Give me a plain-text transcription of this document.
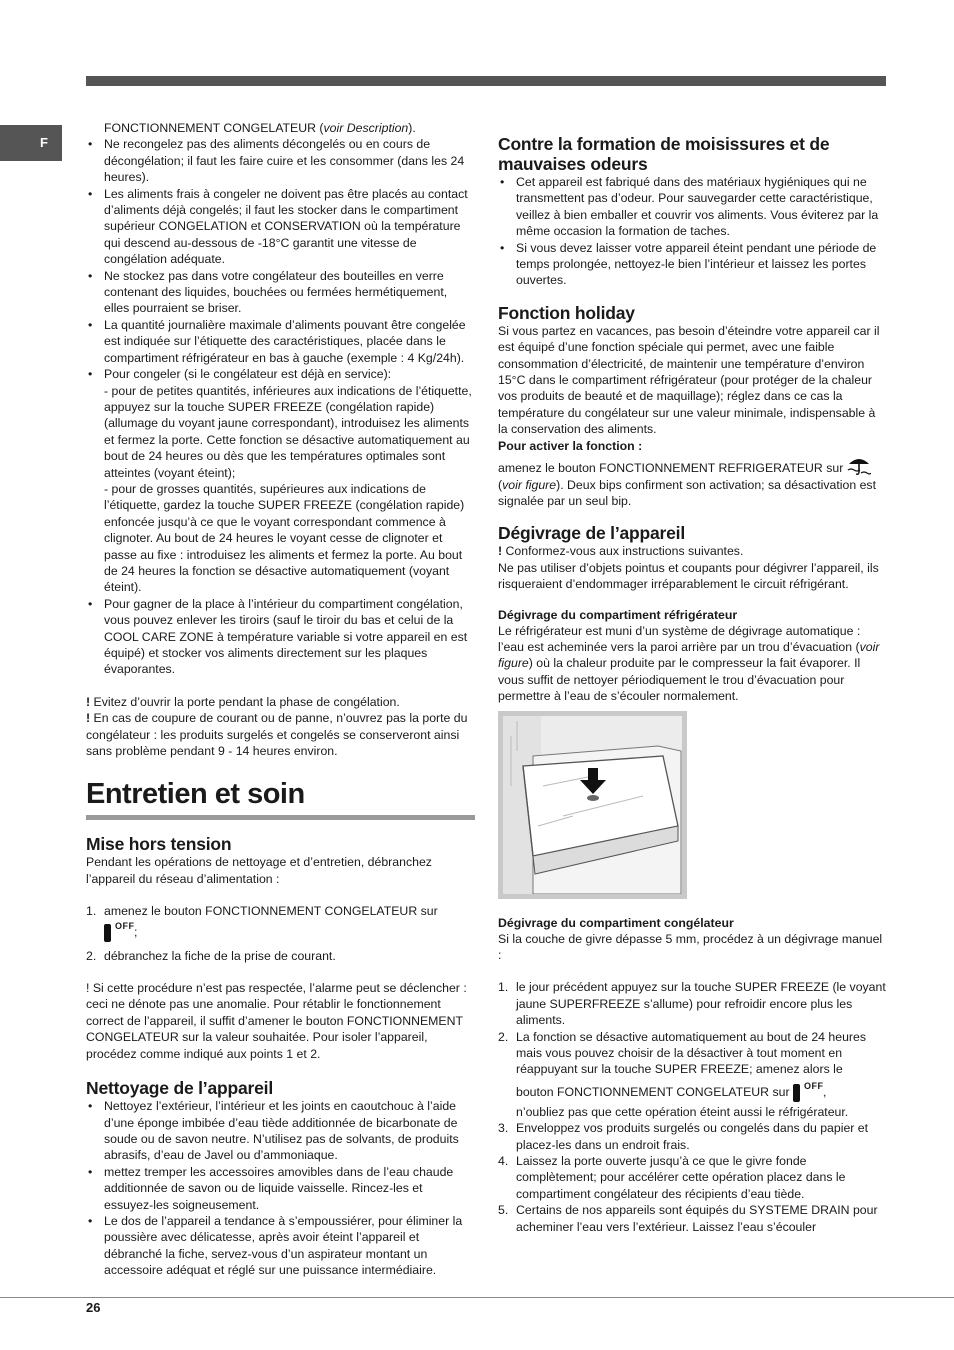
F

FONCTIONNEMENT CONGELATEUR (voir Description).

• Ne recongelez pas des aliments décongelés ou en cours de décongélation; il faut les faire cuire et les consommer (dans les 24 heures).
• Les aliments frais à congeler ne doivent pas être placés au contact d’aliments déjà congelés; il faut les stocker dans le compartiment supérieur CONGELATION et CONSERVATION où la température qui descend au-dessous de -18°C garantit une vitesse de congélation adéquate.
• Ne stockez pas dans votre congélateur des bouteilles en verre contenant des liquides, bouchées ou fermées hermétiquement, elles pourraient se briser.
• La quantité journalière maximale d’aliments pouvant être congelée est indiquée sur l’étiquette des caractéristiques, placée dans le compartiment réfrigérateur en bas à gauche (exemple : 4 Kg/24h).
• Pour congeler (si le congélateur est déjà en service):
- pour de petites quantités, inférieures aux indications de l’étiquette, appuyez sur la touche SUPER FREEZE (congélation rapide) (allumage du voyant jaune correspondant), introduisez les aliments et fermez la porte. Cette fonction se désactive automatiquement au bout de 24 heures ou dès que les températures optimales sont atteintes (voyant éteint);
- pour de grosses quantités, supérieures aux indications de l’étiquette, gardez la touche SUPER FREEZE (congélation rapide) enfoncée jusqu’à ce que le voyant correspondant commence à clignoter. Au bout de 24 heures le voyant cesse de clignoter et passe au fixe : introduisez les aliments et fermez la porte. Au bout de 24 heures la fonction se désactive automatiquement (voyant éteint).
• Pour gagner de la place à l’intérieur du compartiment congélation, vous pouvez enlever les tiroirs (sauf le tiroir du bas et celui de la COOL CARE ZONE à température variable si votre appareil en est équipé) et stocker vos aliments directement sur les plaques évaporantes.

! Evitez d’ouvrir la porte pendant la phase de congélation.

! En cas de coupure de courant ou de panne, n’ouvrez pas la porte du congélateur : les produits surgelés et congelés se conserveront ainsi sans problème pendant 9 - 14 heures environ.

Entretien et soin
Mise hors tension

Pendant les opérations de nettoyage et d’entretien, débranchez l’appareil du réseau d’alimentation :

1. amenez le bouton FONCTIONNEMENT CONGELATEUR sur

OFF ;
2. débranchez la fiche de la prise de courant.

! Si cette procédure n’est pas respectée, l’alarme peut se déclencher : ceci ne dénote pas une anomalie. Pour rétablir le fonctionnement correct de l’appareil, il suffit d’amener le bouton FONCTIONNEMENT CONGELATEUR sur la valeur souhaitée. Pour isoler l’appareil, procédez comme indiqué aux points 1 et 2.

Nettoyage de l’appareil
• Nettoyez l’extérieur, l’intérieur et les joints en caoutchouc à l’aide d’une éponge imbibée d’eau tiède additionnée de bicarbonate de soude ou de savon neutre. N’utilisez pas de solvants, de produits abrasifs, d’eau de Javel ou d’ammoniaque.
• mettez tremper les accessoires amovibles dans de l’eau chaude additionnée de savon ou de liquide vaisselle. Rincez-les et essuyez-les soigneusement.
• Le dos de l’appareil a tendance à s’empoussiérer, pour éliminer la poussière avec délicatesse, après avoir éteint l’appareil et débranché la fiche, servez-vous d’un aspirateur montant un accessoire adéquat et réglé sur une puissance intermédiaire.
Contre la formation de moisissures et de mauvaises odeurs
• Cet appareil est fabriqué dans des matériaux hygiéniques qui ne transmettent pas d’odeur. Pour sauvegarder cette caractéristique, veillez à bien emballer et couvrir vos aliments. Vous éviterez par la même occasion la formation de taches.
• Si vous devez laisser votre appareil éteint pendant une période de temps prolongée, nettoyez-le bien l’intérieur et laissez les portes ouvertes.
Fonction holiday

Si vous partez en vacances, pas besoin d’éteindre votre appareil car il est équipé d’une fonction spéciale qui permet, avec une faible consommation d’électricité, de maintenir une température d’environ 15°C dans le compartiment réfrigérateur (pour protéger de la chaleur vos produits de beauté et de maquillage); réglez dans ce cas la température du congélateur sur une valeur minimale, indispensable à la conservation des aliments.

Pour activer la fonction :

amenez le bouton FONCTIONNEMENT REFRIGERATEUR sur

(voir figure). Deux bips confirment son activation; sa désactivation est signalée par un seul bip.

Dégivrage de l’appareil

! Conformez-vous aux instructions suivantes.

Ne pas utiliser d’objets pointus et coupants pour dégivrer l’appareil, ils risqueraient d’endommager irréparablement le circuit réfrigérant.

Dégivrage du compartiment réfrigérateur

Le réfrigérateur est muni d’un système de dégivrage automatique : l’eau est acheminée vers la paroi arrière par un trou d’évacuation (voir figure) où la chaleur produite par le compresseur la fait évaporer. Il vous suffit de nettoyer périodiquement le trou d’évacuation pour permettre à l’eau de s’écouler normalement.

Dégivrage du compartiment congélateur

Si la couche de givre dépasse 5 mm, procédez à un dégivrage manuel :

1. le jour précédent appuyez sur la touche SUPER FREEZE (le voyant jaune SUPERFREEZE s’allume) pour refroidir encore plus les aliments.
2. La fonction se désactive automatiquement au bout de 24 heures mais vous pouvez choisir de la désactiver à tout moment en réappuyant sur la touche SUPER FREEZE; amenez alors le
bouton FONCTIONNEMENT CONGELATEUR sur OFF ,
n’oubliez pas que cette opération éteint aussi le réfrigérateur.
3. Enveloppez vos produits surgelés ou congelés dans du papier et placez-les dans un endroit frais.
4. Laissez la porte ouverte jusqu’à ce que le givre fonde complètement; pour accélérer cette opération placez dans le compartiment congélateur des récipients d’eau tiède.
5. Certains de nos appareils sont équipés du SYSTEME DRAIN pour acheminer l’eau vers l’extérieur. Laissez l’eau s’écouler
26
